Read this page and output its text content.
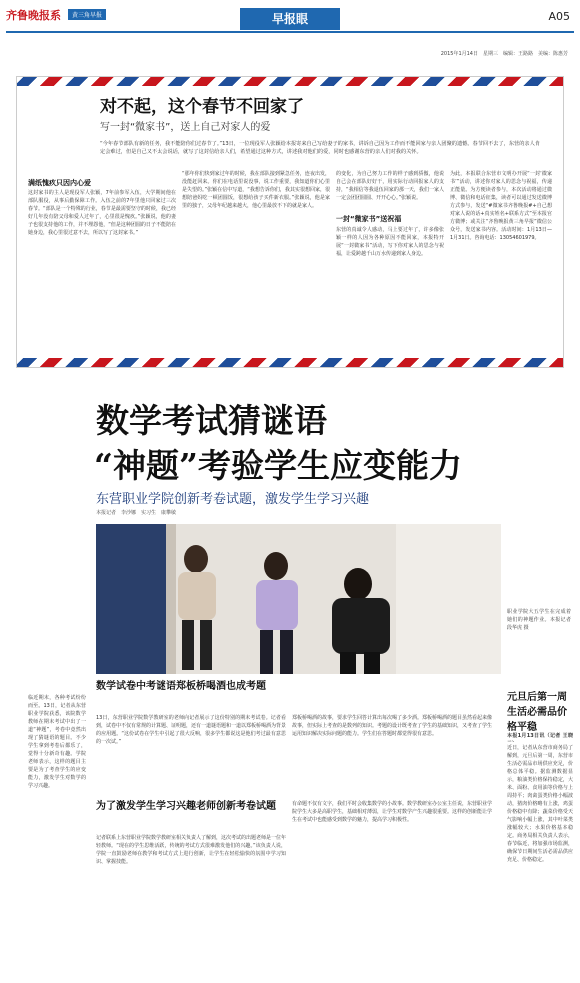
齐鲁晚报系	黄三角早报	早报眼	A05
2015年1月14日　星期三　编辑：王路路　美编：陈惠芳
对不起，这个春节不回家了
写一封“微家书”，送上自己对家人的爱
“今年春节部队有新的任务，我不能陪你们过春节了。”13日，一位现役军人张颖给本报寄来自己写给妻子的家书，讲诉自己因为工作而不能回家与亲人团聚的遗憾。春节回不去了，东营的亲人肯定会难过，但是自己又不太会说话，就写了这封信给亲人们，希望通过这种方式，讲述我对他们的爱，同时也感谢东营的亲人们对我的关怀。
满纸愧疚只因内心爱
这封家书的主人是现役军人张颖，7年前参军入伍，大学期间他在部队服役，从事后勤保障工作。入伍之前的7年里他只回家过三次春节。“部队是一个特殊的行业，春节是最需要坚守的时候，我已经好几年没有陪父母和爱人过年了，心里很是愧疚。”张颖说，他的妻子也很支持他的工作，并不埋怨他，“但是这种团圆的日子不能陪在她身边，我心里很过意不去，所以写了这封家书。”
“那年你们快到家过年的时候，我在部队接到紧急任务，连夜出发，没能赶回来。你们在电话里说没事，说工作重要，我知道你们心里是失望的。”张颖在信中写道，“我想告诉你们，我其实很想回家，很想陪爸妈吃一顿团圆饭，很想给孩子买件新衣服。”张颖说，他是家里的独子，父母年纪越来越大，他心里最放不下的就是家人。
的变化，为自己努力工作的样子感到骄傲，他说自己会在部队好好干，用实际行动回报家人的支持，“我相信等我退伍回家的那一天，我们一家人一定会团团圆圆、开开心心。”张颖说。
一封“微家书”送祝福
东营的真诚令人感动，马上要过年了，许多像张颖一样的人因为各种原因不能回家，本报特开展“一封微家书”活动，写下你对家人的思念与祝福，让爱跨越千山万水传递到家人身边。
为此，本报联合东营市文明办开展“一封‘微家书’”活动，讲述你对家人的思念与祝福，传递正能量。为方便读者参与，本次活动将通过微博、微信和电话征集，读者可以通过发送微博方式参与，发送“#微家书齐鲁晚报#+自己想对家人说的话+真实姓名+联系方式”至本报官方微博；或关注“齐鲁晚报黄三角早报”微信公众号，发送家书内容。活动时间：1月13日—1月31日。咨询电话：13054601979。
数学考试猜谜语
“神题”考验学生应变能力
东营职业学院创新考卷试题，激发学生学习兴趣
本报记者　李沙娜　实习生　康攀敏
职业学院大五学生在完成着她们的神题作业。本报记者 段华虎 摄
临近期末，各种考试纷纷而至。13日，记者从东营职业学院获悉，该院数学教师在期末考试中出了一道“神题”，考卷中竟然出现了猜谜语的题目。不少学生拿到考卷后都乐了，觉得十分新奇有趣。学院老师表示，这样的题目主要是为了考查学生的应变能力，激发学生对数学的学习兴趣。
数学试卷中考谜语郑板桥喝酒也成考题
13日，东营职业学院数学教研室的老师向记者展示了这份特别的期末考试卷。记者看到，试卷中不仅有常规的计算题、证明题，还有一道谜语题和一道以郑板桥喝酒为背景的应用题。“这份试卷在学生中引起了很大反响，很多学生都说这是他们考过最有意思的一次试。”
郑板桥喝酒的故事，要求学生回答计算出每次喝了多少酒。郑板桥喝酒的题目虽然看起来像故事，但实际上考查的是数列的知识。考题的设计既考查了学生的基础知识，又考查了学生运用知识解决实际问题的能力。学生们在答题时都觉得很有意思。
为了激发学生学习兴趣老师创新考卷试题
记者联系上东营职业学院数学教研室相关负责人了解到，这次考试的出题老师是一位年轻教师。“现在的学生思维活跃，传统的考试方式很难激发他们的兴趣。”该负责人说，学院一直鼓励老师在教学和考试方式上进行创新，让学生在轻松愉快的氛围中学习知识、掌握技能。
有命题不仅有文字，我们平时会收集数学的小故事。数学教研室办公室主任说，东营职业学院学生大多是高职学生，基础相对薄弱，让学生对数学产生兴趣很重要。这样的创新能让学生在考试中也能感受到数学的魅力，提高学习积极性。
元旦后第一周生活必需品价格平稳
本报1月13日讯（记者 王晓
近日，记者从东营市商务局了解到，元旦后第一周，东营市生活必需品市场供应充足，价格总体平稳。据监测数据显示，粮油类价格保持稳定，大米、面粉、食用油等价格与上周持平；肉禽蛋类价格小幅波动，猪肉价格略有上涨，鸡蛋价格稳中有降；蔬菜价格受天气影响小幅上涨，其中叶菜类涨幅较大；水果价格基本稳定。商务局相关负责人表示，春节临近，将加强市场监测，确保节日期间生活必需品供应充足、价格稳定。
